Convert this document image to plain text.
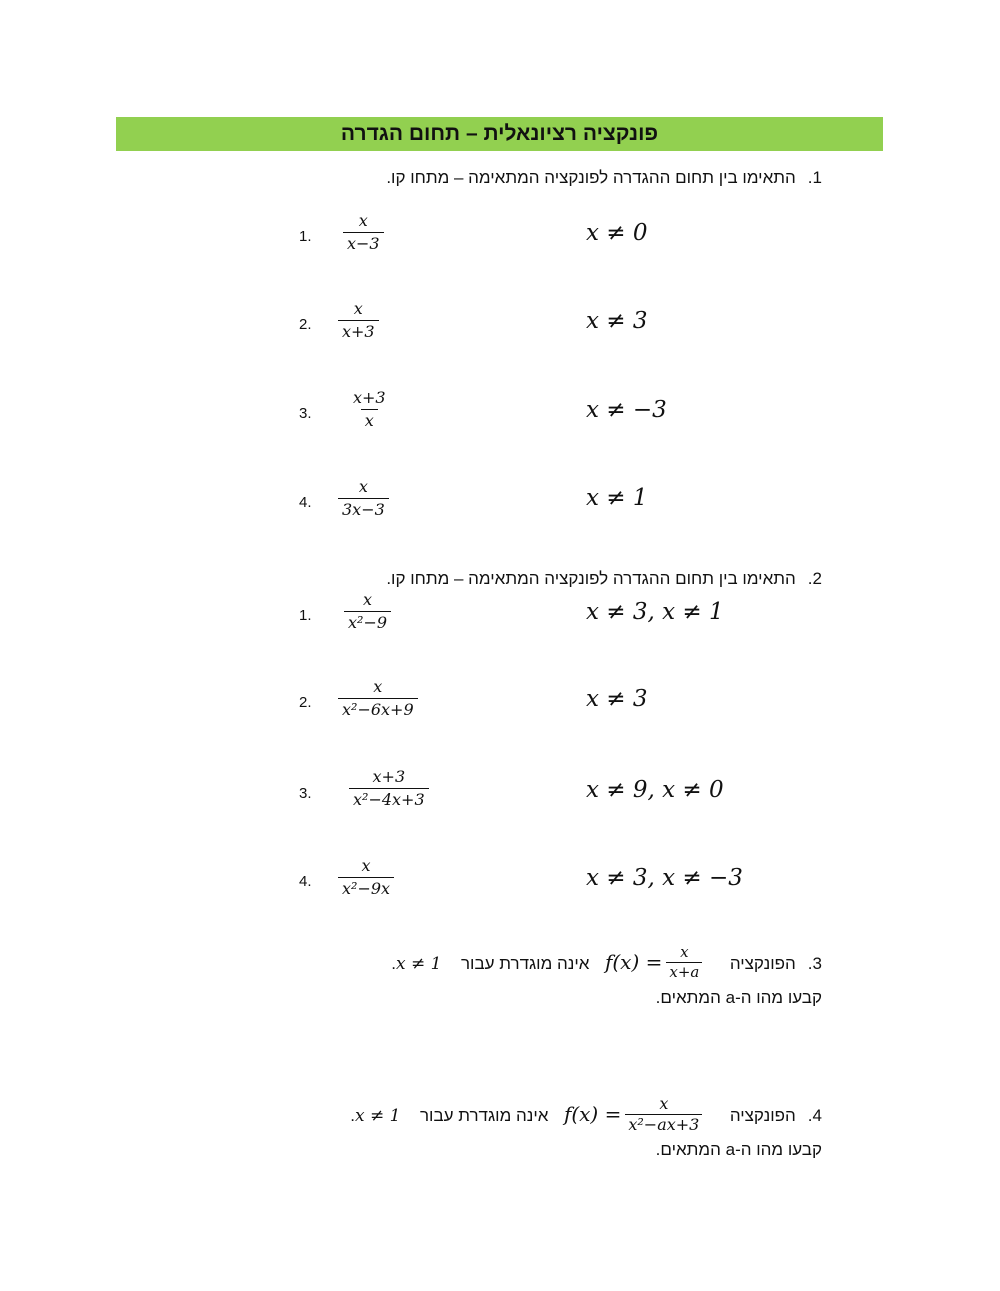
פונקציה רציונאלית – תחום הגדרה
1.התאימו בין תחום ההגדרה לפונקציה המתאימה – מתחו קו.
1. $\frac{x}{x-3}$	x ≠ 0
2. $\frac{x}{x+3}$	x ≠ 3
3. $\frac{x+3}{x}$	x ≠ −3
4. $\frac{x}{3x-3}$	x ≠ 1
2.התאימו בין תחום ההגדרה לפונקציה המתאימה – מתחו קו.
1. $\frac{x}{\text{x²−9}}$	x ≠ 3, x ≠ 1
2. $\frac{x}{\text{x²−6x+9}}$	x ≠ 3
3. $\frac{x+3}{\text{x²−4x+3}}$	x ≠ 9, x ≠ 0
4. $\frac{x}{\text{x²−9x}}$	x ≠ 3, x ≠ −3
3.הפונקציה
$f(x) = \frac{x}{x+a}$
אינה מוגדרת עבור  x ≠ 1.
קבעו מהו ה-a המתאים.
4.הפונקציה
$f(x) = \frac{x}{\text{x²−ax+3}}$
אינה מוגדרת עבור  x ≠ 1.
קבעו מהו ה-a המתאים.
